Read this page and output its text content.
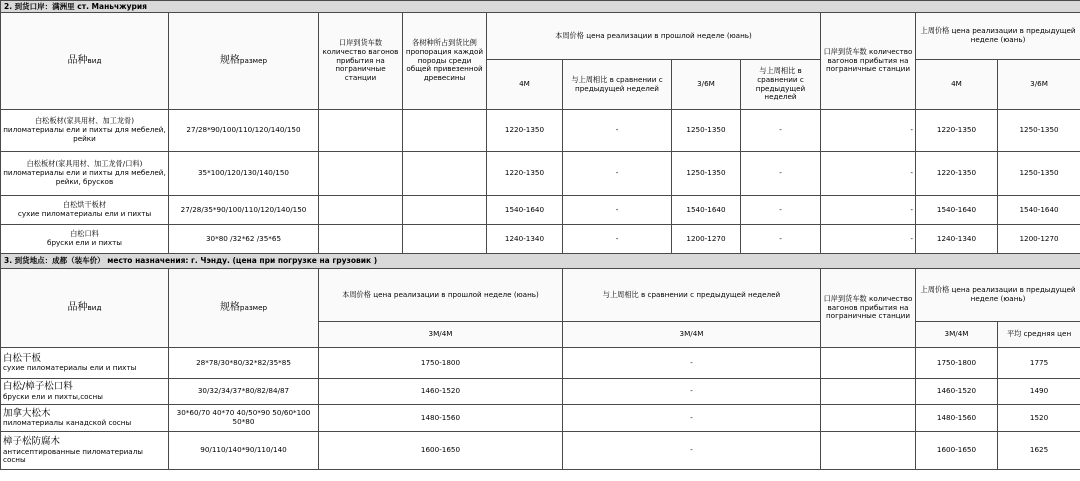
2. 到货口岸：满洲里 ст. Маньчжурия										
品种вид	规格размер	口岸到货车数 количество вагонов прибытия на пограничные станции	各树种所占到货比例 пропорация каждой породы среди общей привезенной древесины	本周价格 цена реализации в прошлой неделе (юань)				口岸到货车数 количество вагонов прибытия на пограничные станции	上周价格 цена реализации в предыдущей неделе (юань)	
				4M	与上周相比 в сравнении с предыдущей неделей	3/6M	与上周相比 в сравнении с предыдущей неделей		4M	3/6M
白松板材(家具用材、加工龙骨)
пиломатериалы ели и пихты для мебелей, рейки	27/28*90/100/110/120/140/150			1220-1350	-	1250-1350	-	-	1220-1350	1250-1350
白松板材(家具用材、加工龙骨/口料)
пиломатериалы ели и пихты для мебелей, рейки, брусков	35*100/120/130/140/150			1220-1350	-	1250-1350	-	-	1220-1350	1250-1350
白松烘干板材
сухие пиломатериалы ели и пихты	27/28/35*90/100/110/120/140/150			1540-1640	-	1540-1640	-	-	1540-1640	1540-1640
白松口料
бруски ели и пихты	30*80 /32*62 /35*65			1240-1340	-	1200-1270	-	-	1240-1340	1200-1270
3. 到货地点：成都（装车价） место назначения: г. Чэнду. (цена при погрузке на грузовик )										
品种вид	规格размер	本周价格 цена реализации в прошлой неделе (юань)			与上周相比 в сравнении с предыдущей неделей			口岸到货车数 количество вагонов прибытия на пограничные станции	上周价格 цена реализации в предыдущей неделе (юань)	
		3M/4M			3M/4M				3M/4M	平均 средняя цен
白松干板
сухие пиломатериалы ели и пихты	28*78/30*80/32*82/35*85	1750-1800			-				1750-1800	1775
白松/樟子松口料
бруски ели и пихты,сосны	30/32/34/37*80/82/84/87	1460-1520			-				1460-1520	1490
加拿大松木
пиломатериалы канадской сосны	30*60/70 40*70 40/50*90 50/60*100 50*80	1480-1560			-				1480-1560	1520
樟子松防腐木
антисептированные пиломатериалы сосны	90/110/140*90/110/140	1600-1650			-				1600-1650	1625
